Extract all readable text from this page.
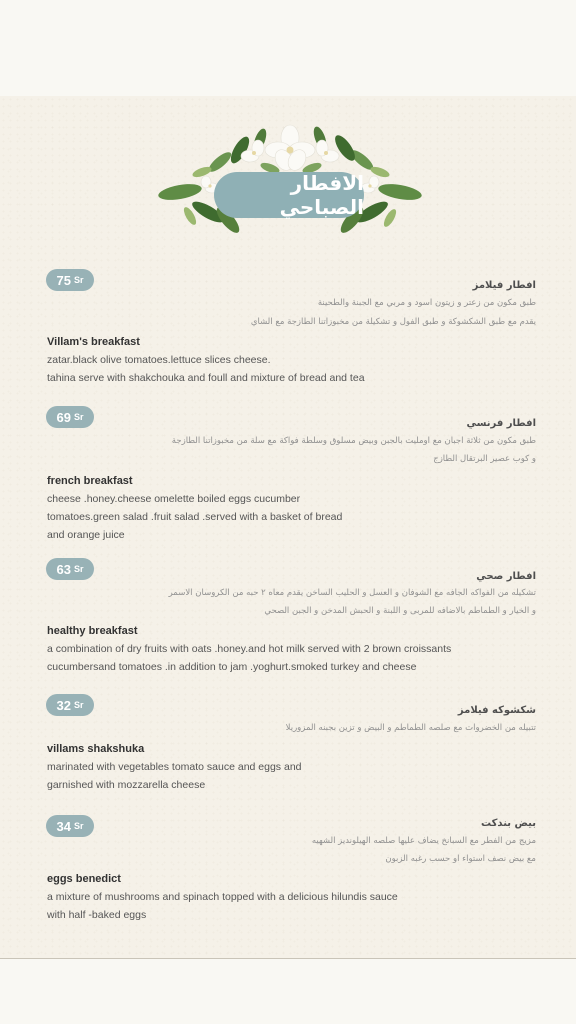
الافطار الصباحي
75 Sr	افطار فيلامز
طبق مكون من زعتر و زيتون اسود و مربي مع الجبنة والطحينة
يقدم مع طبق الشكشوكة و طبق الفول و تشكيلة من مخبوزاتنا الطازجة مع الشاي
Villam's breakfast
zatar.black olive tomatoes.lettuce slices cheese.
tahina serve with shakchouka and foull and mixture of bread and tea
69 Sr
افطار فرنسي
طبق مكون من ثلاثة اجبان مع اومليت بالجبن وبيض مسلوق وسلطة فواكة مع سلة من مخبوزاتنا الطازجة
و كوب عصير البرتقال الطازج
french breakfast
cheese .honey.cheese omelette boiled eggs cucumber
tomatoes.green salad .fruit salad .served with a basket of bread
and orange juice
63 Sr
افطار صحي
تشكيله من الفواكه الجافه مع الشوفان و العسل و الحليب الساخن يقدم معاه ٢ حبه من الكروسان الاسمر
و الخيار و الطماطم بالاضافه للمربى و اللبنة و الحبش المدخن و الجبن الصحي
healthy breakfast
a combination of dry fruits with oats .honey.and hot milk served with 2 brown croissants
cucumbersand tomatoes .in addition to jam .yoghurt.smoked turkey and cheese
32 Sr	شكشوكه فيلامز
تتبيله من الخضروات مع صلصه الطماطم و البيض و تزين بجبنه المزوريلا
villams shakshuka
marinated with vegetables tomato sauce and eggs and
garnished with mozzarella cheese
34 Sr	بيض بندكت
مزيج من الفطر مع السبانخ يضاف عليها صلصه الهيلونديز الشهيه
مع بيض نصف استواء او حسب رغبه الزبون
eggs benedict
a mixture of mushrooms and spinach topped with a delicious hilundis sauce
with half -baked eggs
